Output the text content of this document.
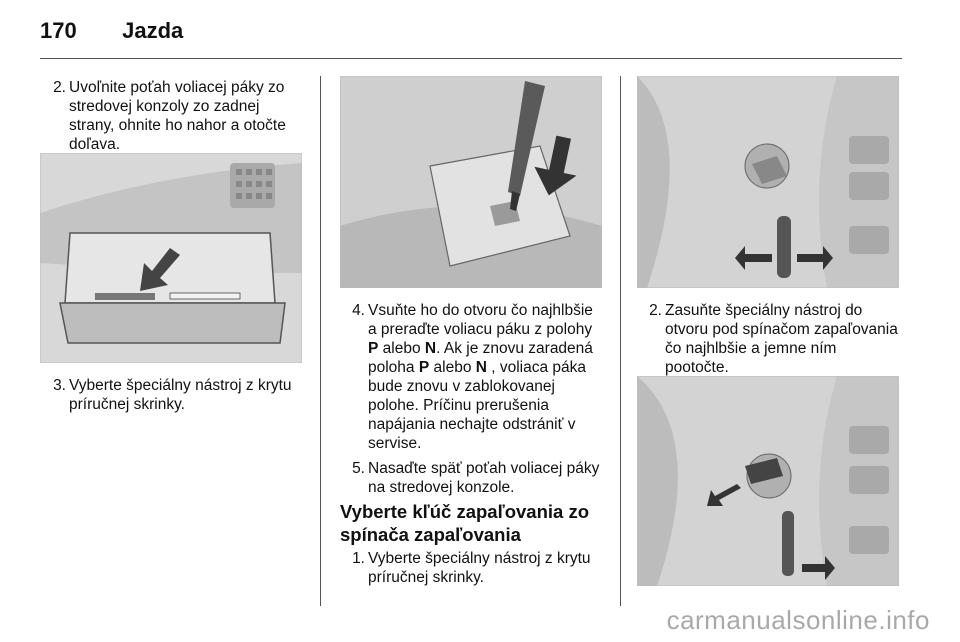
170 Jazda
2. Uvoľnite poťah voliacej páky zo stredovej konzoly zo zadnej strany, ohnite ho nahor a otočte doľava.
3. Vyberte špeciálny nástroj z krytu príručnej skrinky.
4. Vsuňte ho do otvoru čo najhlbšie a preraďte voliacu páku z polohy P alebo N. Ak je znovu zaradená poloha P alebo N , voliaca páka bude znovu v zablokovanej polohe. Príčinu prerušenia napájania nechajte odstrániť v servise.
5. Nasaďte späť poťah voliacej páky na stredovej konzole.
Vyberte kľúč zapaľovania zo spínača zapaľovania
1. Vyberte špeciálny nástroj z krytu príručnej skrinky.
2. Zasuňte špeciálny nástroj do otvoru pod spínačom zapaľovania čo najhlbšie a jemne ním pootočte.
carmanualsonline.info
